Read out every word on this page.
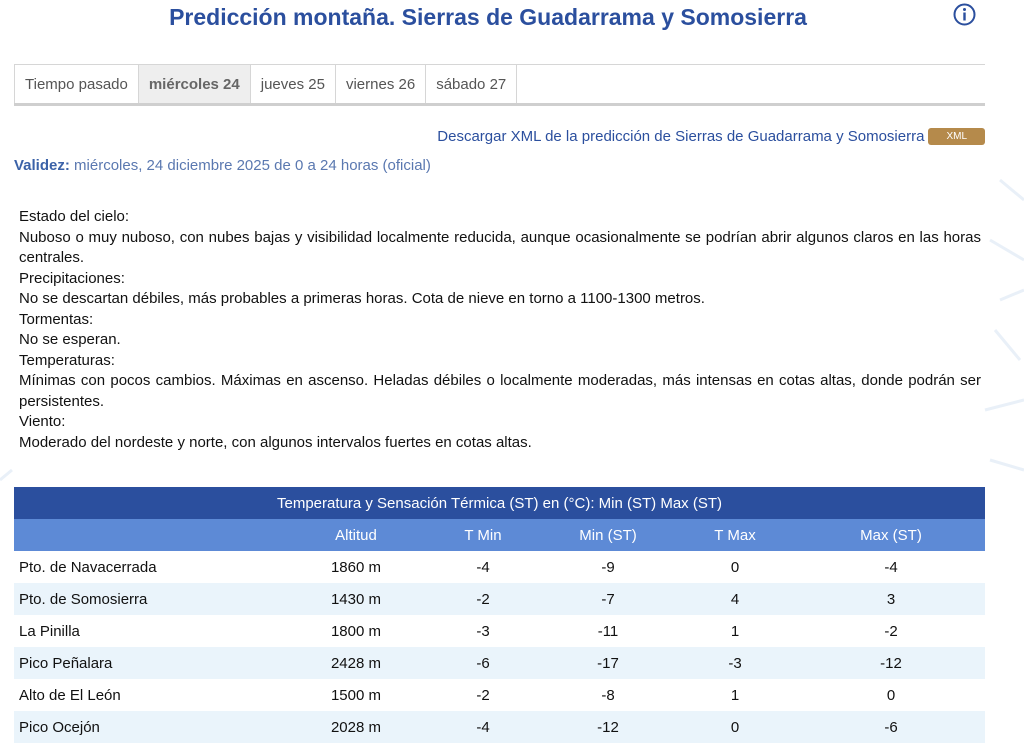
Predicción montaña. Sierras de Guadarrama y Somosierra
Tiempo pasado	miércoles 24	jueves 25	viernes 26	sábado 27
Descargar XML de la predicción de Sierras de Guadarrama y Somosierra	XML
Validez: miércoles, 24 diciembre 2025 de 0 a 24 horas (oficial)
Estado del cielo:
Nuboso o muy nuboso, con nubes bajas y visibilidad localmente reducida, aunque ocasionalmente se podrían abrir algunos claros en las horas centrales.
Precipitaciones:
No se descartan débiles, más probables a primeras horas. Cota de nieve en torno a 1100-1300 metros.
Tormentas:
No se esperan.
Temperaturas:
Mínimas con pocos cambios. Máximas en ascenso. Heladas débiles o localmente moderadas, más intensas en cotas altas, donde podrán ser persistentes.
Viento:
Moderado del nordeste y norte, con algunos intervalos fuertes en cotas altas.
Temperatura y Sensación Térmica (ST) en (°C): Min (ST) Max (ST)					
	Altitud	T Min	Min (ST)	T Max	Max (ST)
Pto. de Navacerrada	1860 m	-4	-9	0	-4
Pto. de Somosierra	1430 m	-2	-7	4	3
La Pinilla	1800 m	-3	-11	1	-2
Pico Peñalara	2428 m	-6	-17	-3	-12
Alto de El León	1500 m	-2	-8	1	0
Pico Ocejón	2028 m	-4	-12	0	-6
